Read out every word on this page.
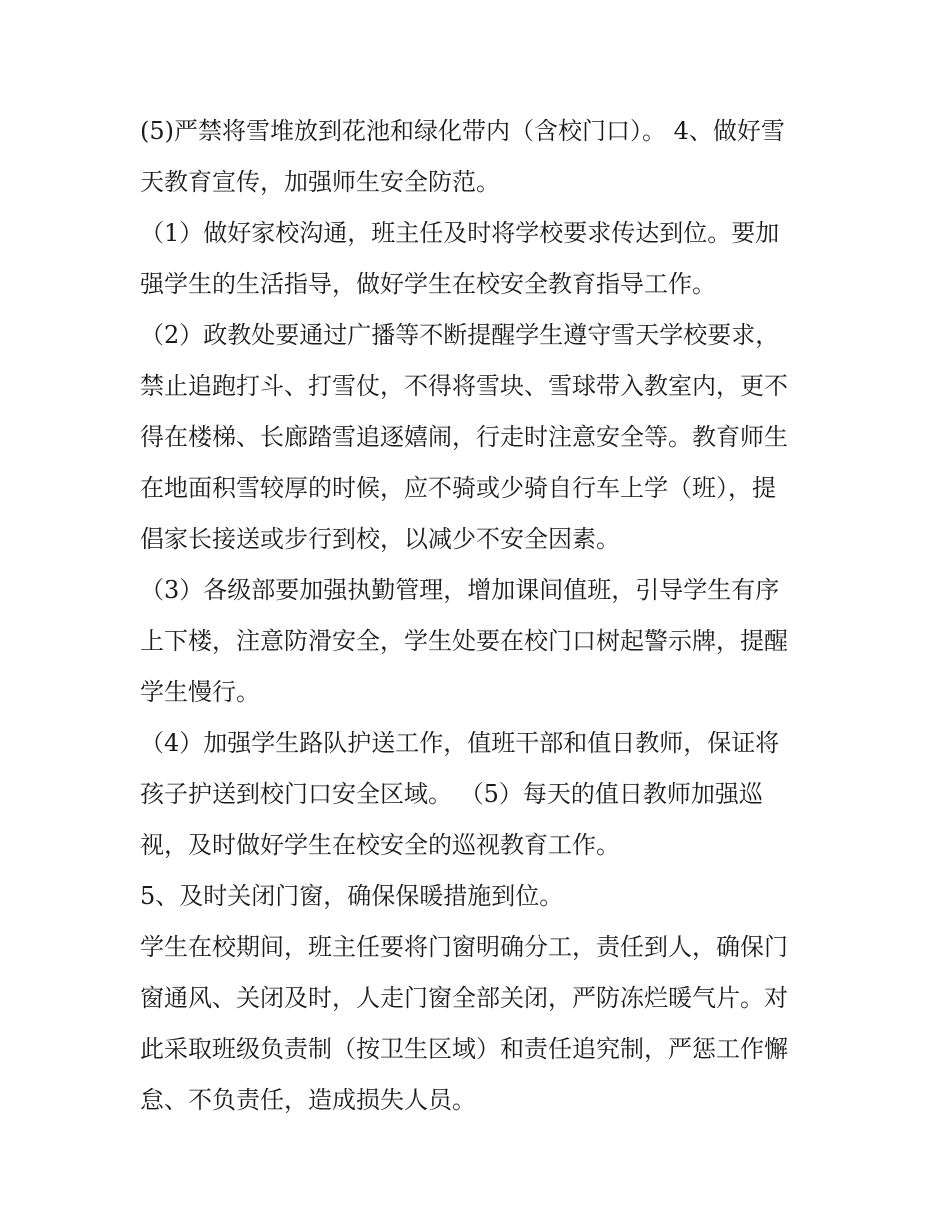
(5)严禁将雪堆放到花池和绿化带内（含校门口）。 4、做好雪
天教育宣传，加强师生安全防范。
（1）做好家校沟通，班主任及时将学校要求传达到位。要加
强学生的生活指导，做好学生在校安全教育指导工作。
（2）政教处要通过广播等不断提醒学生遵守雪天学校要求，
禁止追跑打斗、打雪仗，不得将雪块、雪球带入教室内，更不
得在楼梯、长廊踏雪追逐嬉闹，行走时注意安全等。教育师生
在地面积雪较厚的时候，应不骑或少骑自行车上学（班），提
倡家长接送或步行到校，以减少不安全因素。
（3）各级部要加强执勤管理，增加课间值班，引导学生有序
上下楼，注意防滑安全，学生处要在校门口树起警示牌，提醒
学生慢行。
（4）加强学生路队护送工作，值班干部和值日教师，保证将
孩子护送到校门口安全区域。 （5）每天的值日教师加强巡
视，及时做好学生在校安全的巡视教育工作。
5、及时关闭门窗，确保保暖措施到位。
学生在校期间，班主任要将门窗明确分工，责任到人，确保门
窗通风、关闭及时，人走门窗全部关闭，严防冻烂暖气片。对
此采取班级负责制（按卫生区域）和责任追究制，严惩工作懈
怠、不负责任，造成损失人员。
